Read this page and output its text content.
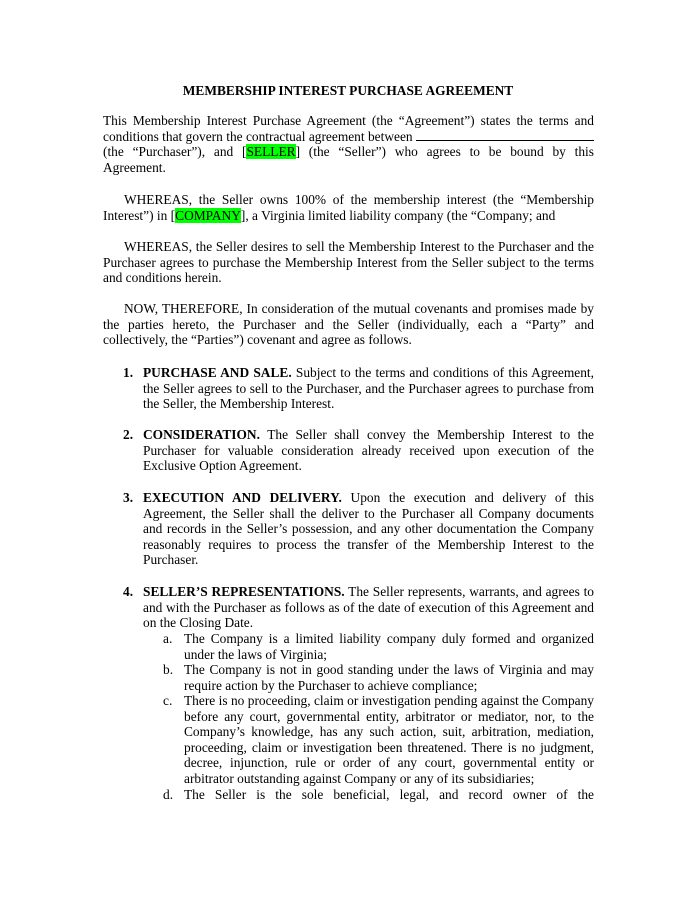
MEMBERSHIP INTEREST PURCHASE AGREEMENT
This Membership Interest Purchase Agreement (the “Agreement”) states the terms and conditions that govern the contractual agreement between  (the “Purchaser”), and [SELLER] (the “Seller”) who agrees to be bound by this Agreement.
WHEREAS, the Seller owns 100% of the membership interest (the “Membership Interest”) in [COMPANY], a Virginia limited liability company (the “Company; and
WHEREAS, the Seller desires to sell the Membership Interest to the Purchaser and the Purchaser agrees to purchase the Membership Interest from the Seller subject to the terms and conditions herein.
NOW, THEREFORE, In consideration of the mutual covenants and promises made by the parties hereto, the Purchaser and the Seller (individually, each a “Party” and collectively, the “Parties”) covenant and agree as follows.
1. PURCHASE AND SALE. Subject to the terms and conditions of this Agreement, the Seller agrees to sell to the Purchaser, and the Purchaser agrees to purchase from the Seller, the Membership Interest.
2. CONSIDERATION. The Seller shall convey the Membership Interest to the Purchaser for valuable consideration already received upon execution of the Exclusive Option Agreement.
3. EXECUTION AND DELIVERY. Upon the execution and delivery of this Agreement, the Seller shall the deliver to the Purchaser all Company documents and records in the Seller’s possession, and any other documentation the Company reasonably requires to process the transfer of the Membership Interest to the Purchaser.
4. SELLER’S REPRESENTATIONS. The Seller represents, warrants, and agrees to and with the Purchaser as follows as of the date of execution of this Agreement and on the Closing Date.
a. The Company is a limited liability company duly formed and organized under the laws of Virginia;
b. The Company is not in good standing under the laws of Virginia and may require action by the Purchaser to achieve compliance;
c. There is no proceeding, claim or investigation pending against the Company before any court, governmental entity, arbitrator or mediator, nor, to the Company’s knowledge, has any such action, suit, arbitration, mediation, proceeding, claim or investigation been threatened. There is no judgment, decree, injunction, rule or order of any court, governmental entity or arbitrator outstanding against Company or any of its subsidiaries;
d. The Seller is the sole beneficial, legal, and record owner of the
